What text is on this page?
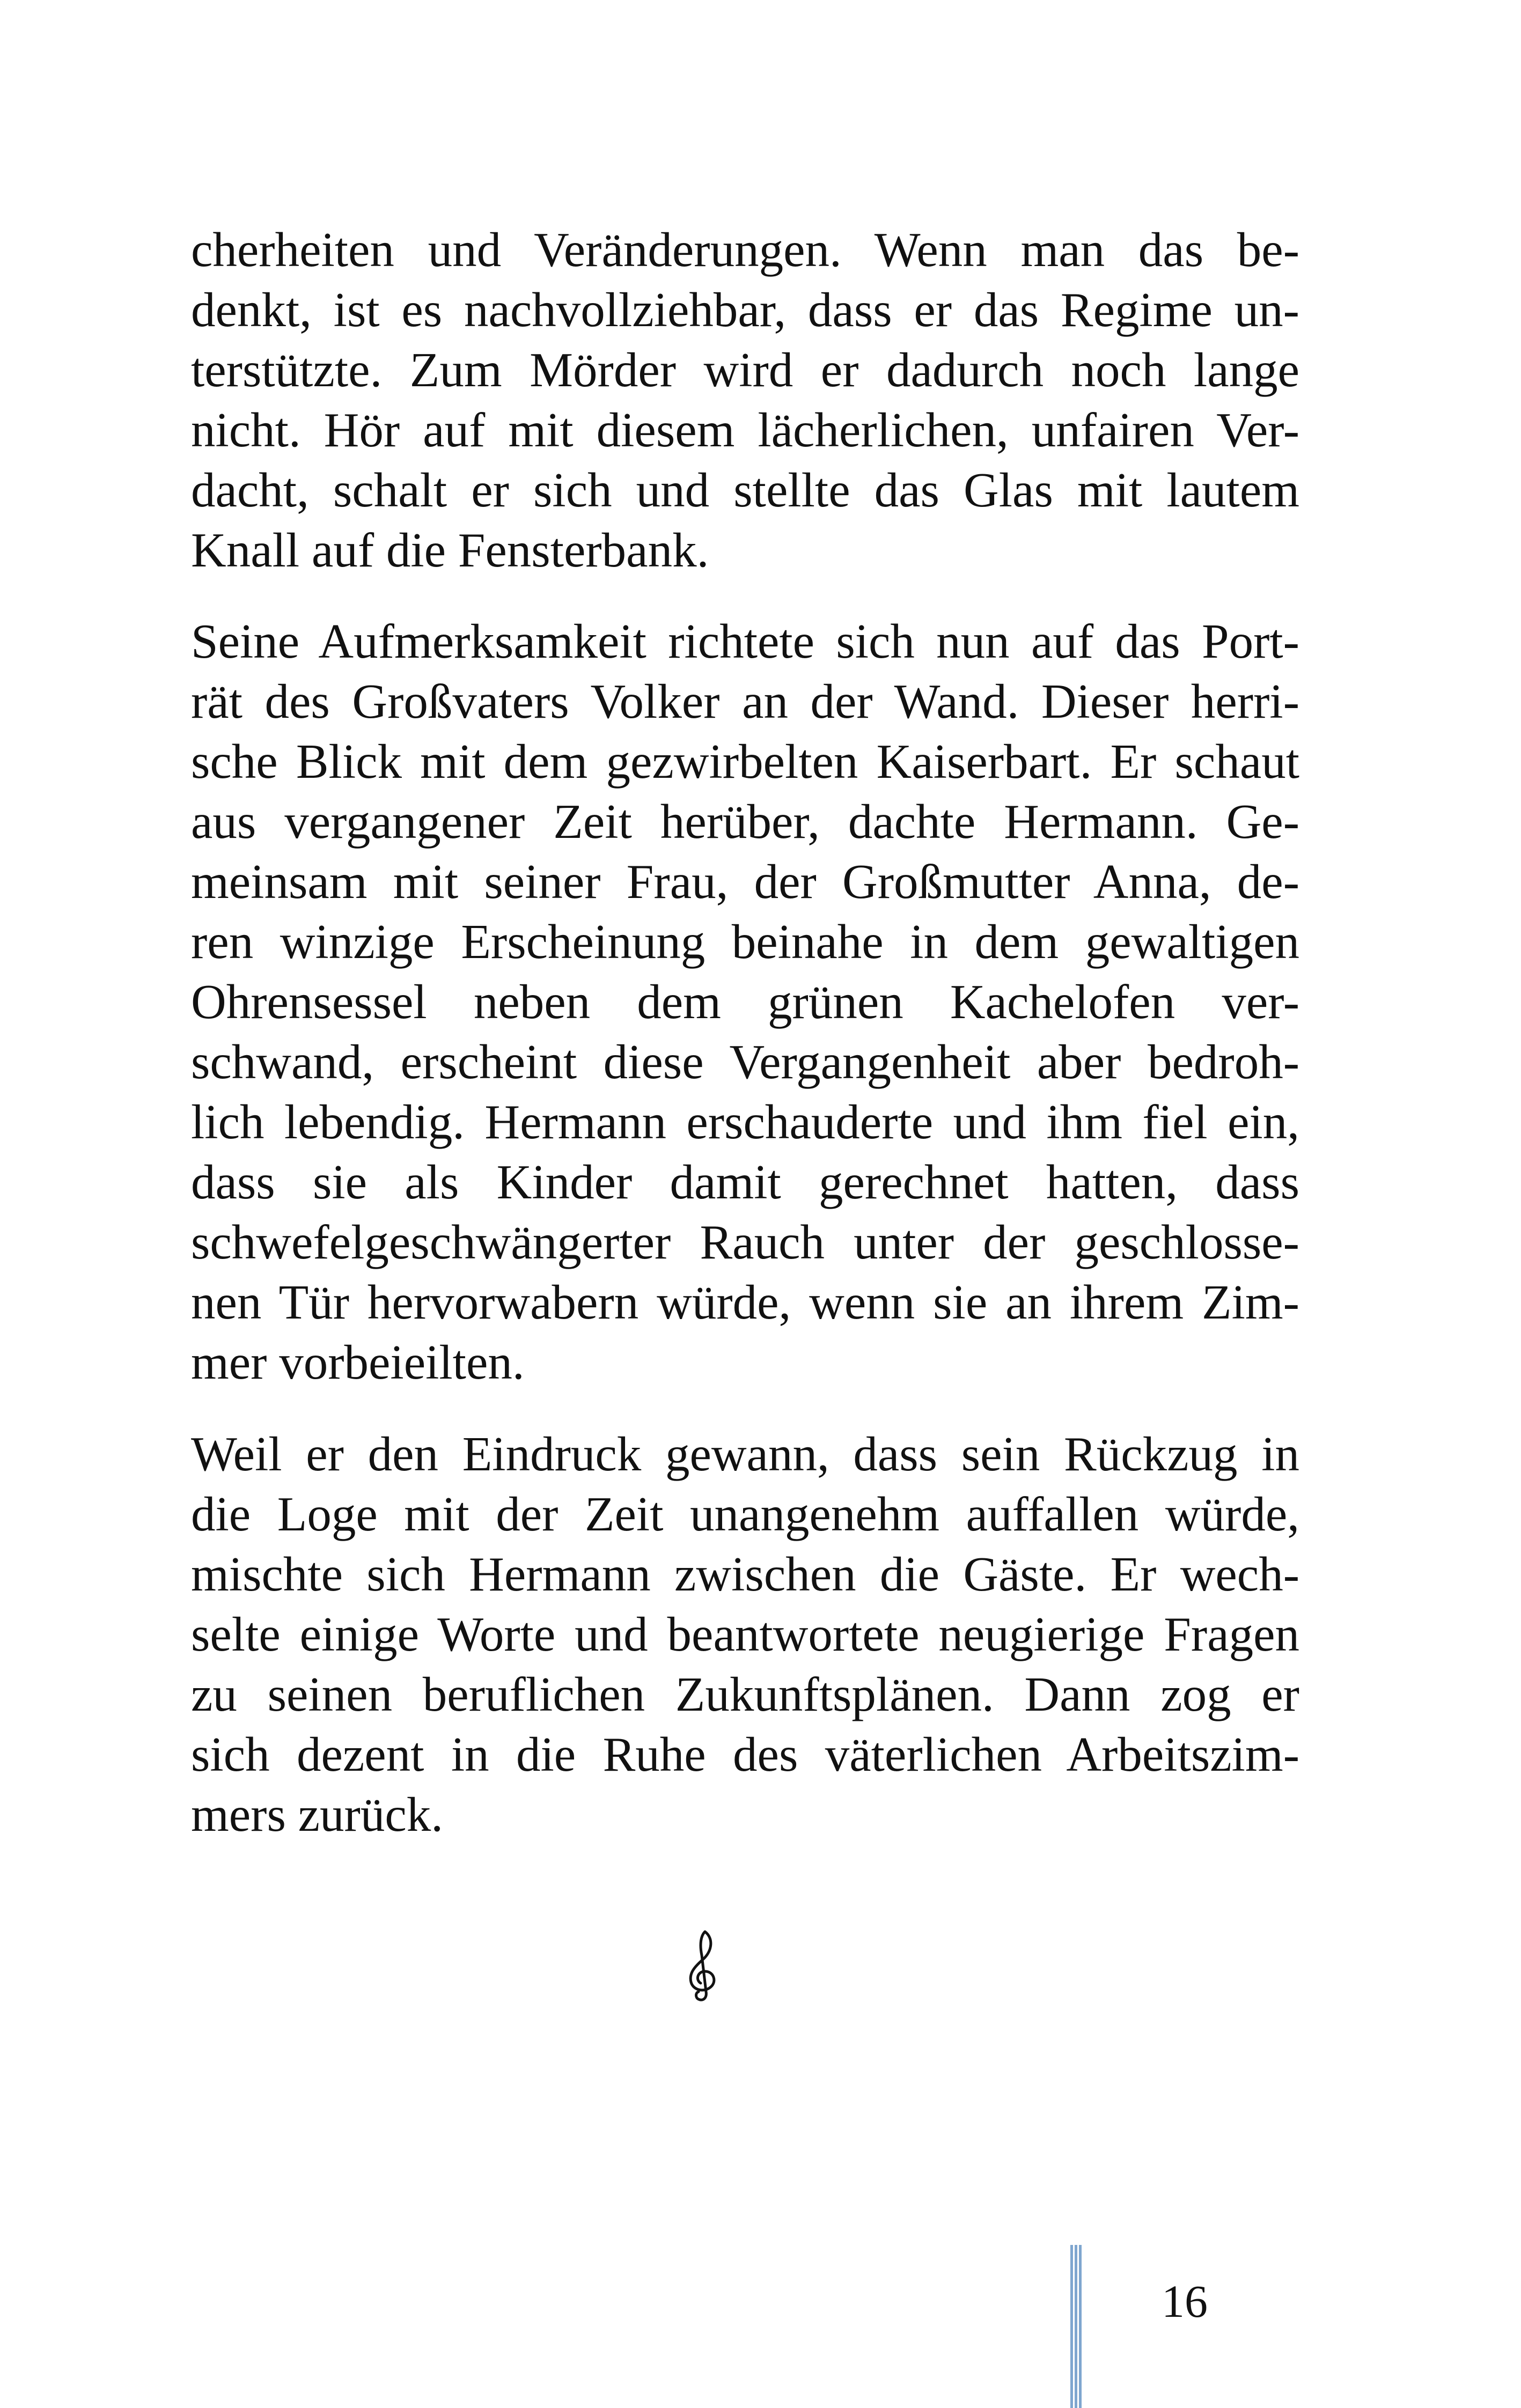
cherheiten und Veränderungen. Wenn man das be-
denkt, ist es nachvollziehbar, dass er das Regime un-
terstützte. Zum Mörder wird er dadurch noch lange
nicht. Hör auf mit diesem lächerlichen, unfairen Ver-
dacht, schalt er sich und stellte das Glas mit lautem
Knall auf die Fensterbank.
Seine Aufmerksamkeit richtete sich nun auf das Port-
rät des Großvaters Volker an der Wand. Dieser herri-
sche Blick mit dem gezwirbelten Kaiserbart. Er schaut
aus vergangener Zeit herüber, dachte Hermann. Ge-
meinsam mit seiner Frau, der Großmutter Anna, de-
ren winzige Erscheinung beinahe in dem gewaltigen
Ohrensessel neben dem grünen Kachelofen ver-
schwand, erscheint diese Vergangenheit aber bedroh-
lich lebendig. Hermann erschauderte und ihm fiel ein,
dass sie als Kinder damit gerechnet hatten, dass
schwefelgeschwängerter Rauch unter der geschlosse-
nen Tür hervorwabern würde, wenn sie an ihrem Zim-
mer vorbeieilten.
Weil er den Eindruck gewann, dass sein Rückzug in
die Loge mit der Zeit unangenehm auffallen würde,
mischte sich Hermann zwischen die Gäste. Er wech-
selte einige Worte und beantwortete neugierige Fragen
zu seinen beruflichen Zukunftsplänen. Dann zog er
sich dezent in die Ruhe des väterlichen Arbeitszim-
mers zurück.
16
